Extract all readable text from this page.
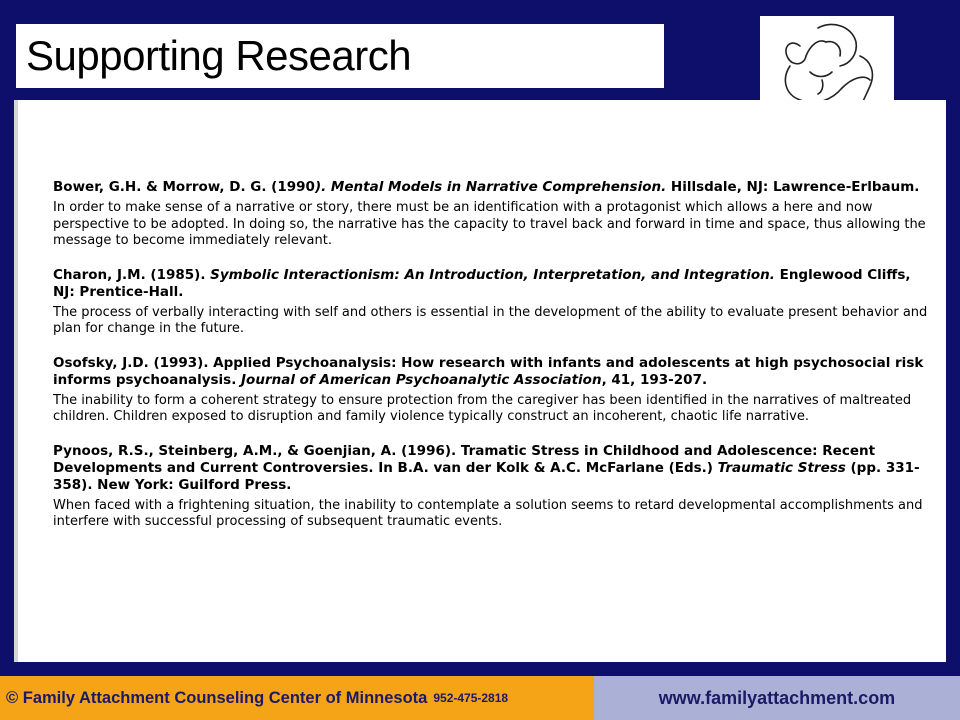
Supporting Research
Bower, G.H. & Morrow, D. G. (1990). Mental Models in Narrative Comprehension. Hillsdale, NJ: Lawrence-Erlbaum.
In order to make sense of a narrative or story, there must be an identification with a protagonist which allows a here and now perspective to be adopted. In doing so, the narrative has the capacity to travel back and forward in time and space, thus allowing the message to become immediately relevant.
Charon, J.M. (1985). Symbolic Interactionism: An Introduction, Interpretation, and Integration. Englewood Cliffs, NJ: Prentice-Hall.
The process of verbally interacting with self and others is essential in the development of the ability to evaluate present behavior and plan for change in the future.
Osofsky, J.D. (1993). Applied Psychoanalysis: How research with infants and adolescents at high psychosocial risk informs psychoanalysis. Journal of American Psychoanalytic Association, 41, 193-207.
The inability to form a coherent strategy to ensure protection from the caregiver has been identified in the narratives of maltreated children. Children exposed to disruption and family violence typically construct an incoherent, chaotic life narrative.
Pynoos, R.S., Steinberg, A.M., & Goenjian, A. (1996). Tramatic Stress in Childhood and Adolescence: Recent Developments and Current Controversies. In B.A. van der Kolk & A.C. McFarlane (Eds.) Traumatic Stress (pp. 331-358). New York: Guilford Press.
When faced with a frightening situation, the inability to contemplate a solution seems to retard developmental accomplishments and interfere with successful processing of subsequent traumatic events.
© Family Attachment Counseling Center of Minnesota 952-475-2818	www.familyattachment.com
